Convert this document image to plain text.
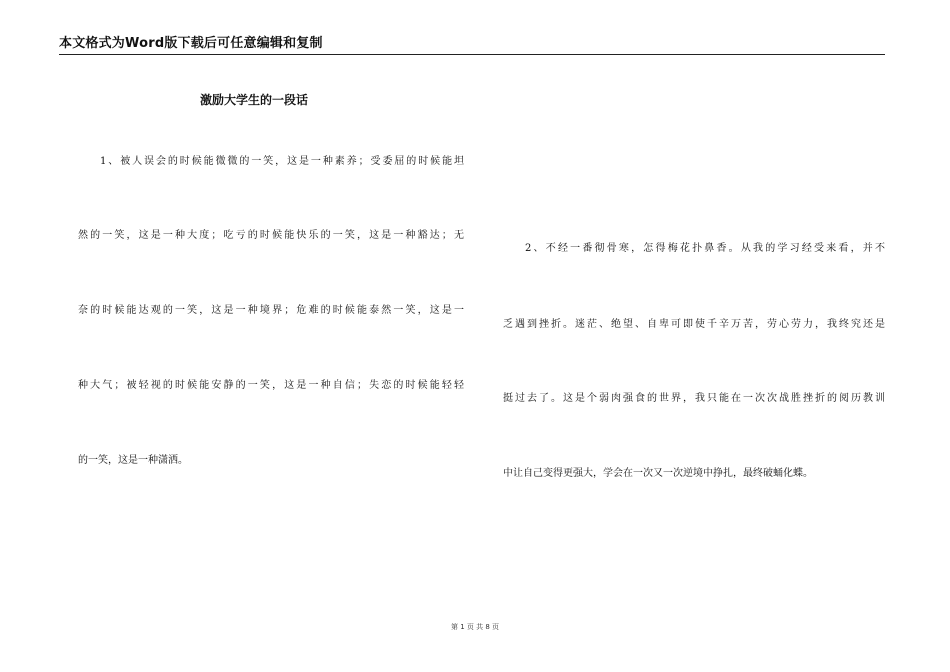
本文格式为Word版下载后可任意编辑和复制
激励大学生的一段话
1、被人误会的时候能微微的一笑，这是一种素养；受委屈的时候能坦
然的一笑，这是一种大度；吃亏的时候能快乐的一笑，这是一种豁达；无
奈的时候能达观的一笑，这是一种境界；危难的时候能泰然一笑，这是一
种大气；被轻视的时候能安静的一笑，这是一种自信；失恋的时候能轻轻
的一笑，这是一种潇洒。
2、不经一番彻骨寒，怎得梅花扑鼻香。从我的学习经受来看，并不
乏遇到挫折。迷茫、绝望、自卑可即使千辛万苦，劳心劳力，我终究还是
挺过去了。这是个弱肉强食的世界，我只能在一次次战胜挫折的阅历教训
中让自己变得更强大，学会在一次又一次逆境中挣扎，最终破蛹化蝶。
第 1 页 共 8 页
